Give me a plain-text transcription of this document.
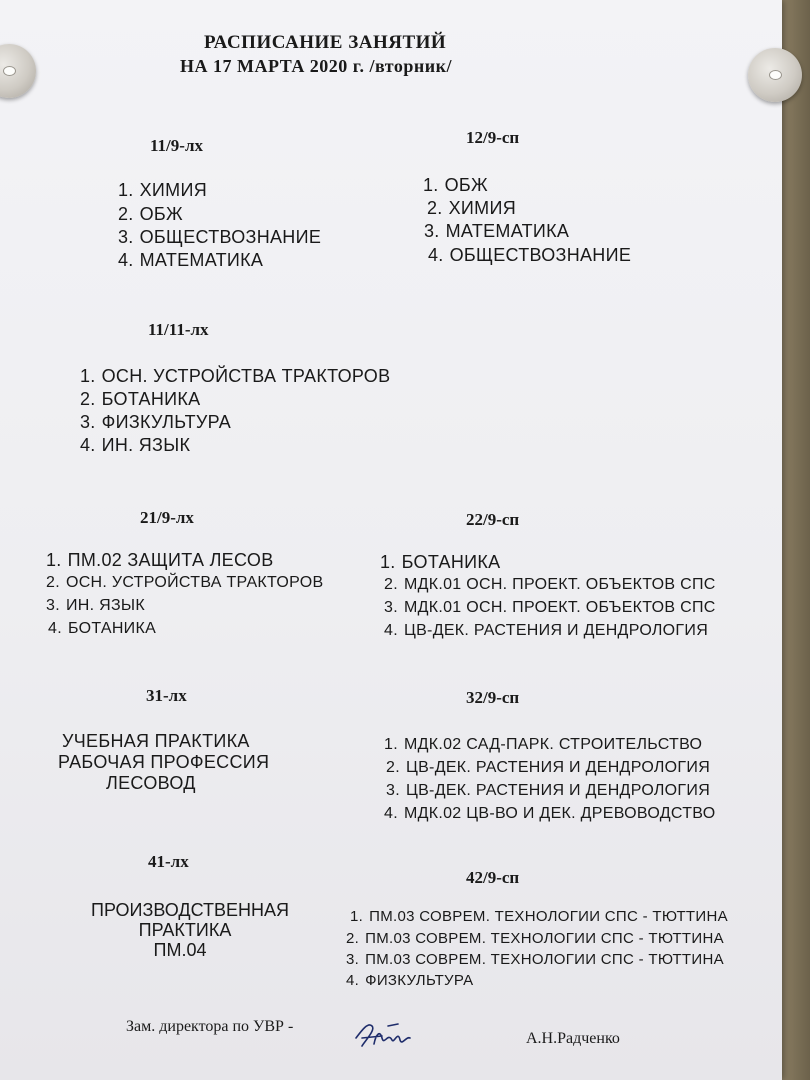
РАСПИСАНИЕ ЗАНЯТИЙ
НА 17 МАРТА 2020 г. /вторник/
11/9-лх
1. ХИМИЯ
2. ОБЖ
3. ОБЩЕСТВОЗНАНИЕ
4. МАТЕМАТИКА
12/9-сп
1. ОБЖ
2. ХИМИЯ
3. МАТЕМАТИКА
4. ОБЩЕСТВОЗНАНИЕ
11/11-лх
1. ОСН. УСТРОЙСТВА ТРАКТОРОВ
2. БОТАНИКА
3. ФИЗКУЛЬТУРА
4. ИН. ЯЗЫК
21/9-лх
1. ПМ.02 ЗАЩИТА ЛЕСОВ
2. ОСН. УСТРОЙСТВА ТРАКТОРОВ
3. ИН. ЯЗЫК
4. БОТАНИКА
22/9-сп
1. БОТАНИКА
2. МДК.01 ОСН. ПРОЕКТ. ОБЪЕКТОВ СПС
3. МДК.01 ОСН. ПРОЕКТ. ОБЪЕКТОВ СПС
4. ЦВ-ДЕК. РАСТЕНИЯ И ДЕНДРОЛОГИЯ
31-лх
УЧЕБНАЯ ПРАКТИКА
РАБОЧАЯ ПРОФЕССИЯ
ЛЕСОВОД
32/9-сп
1. МДК.02 САД-ПАРК. СТРОИТЕЛЬСТВО
2. ЦВ-ДЕК. РАСТЕНИЯ И ДЕНДРОЛОГИЯ
3. ЦВ-ДЕК. РАСТЕНИЯ И ДЕНДРОЛОГИЯ
4. МДК.02 ЦВ-ВО И ДЕК. ДРЕВОВОДСТВО
41-лх
ПРОИЗВОДСТВЕННАЯ
ПРАКТИКА
ПМ.04
42/9-сп
1. ПМ.03 СОВРЕМ. ТЕХНОЛОГИИ СПС - ТЮТТИНА
2. ПМ.03 СОВРЕМ. ТЕХНОЛОГИИ СПС - ТЮТТИНА
3. ПМ.03 СОВРЕМ. ТЕХНОЛОГИИ СПС - ТЮТТИНА
4. ФИЗКУЛЬТУРА
Зам. директора по УВР -
А.Н.Радченко
